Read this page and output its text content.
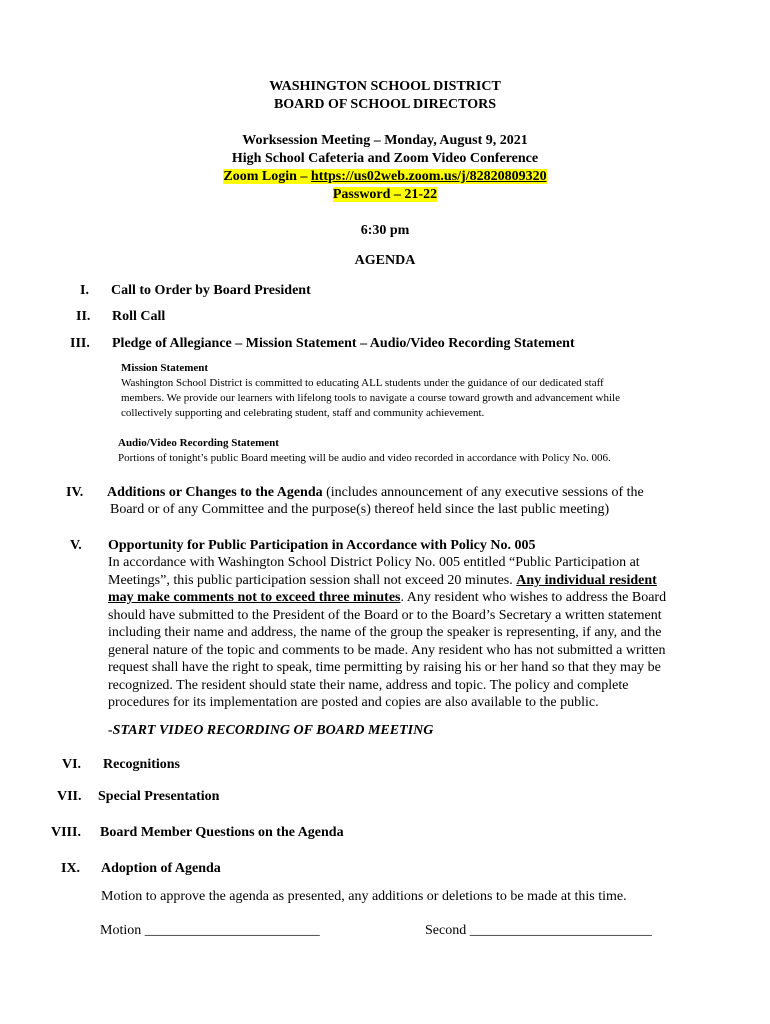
WASHINGTON SCHOOL DISTRICT
BOARD OF SCHOOL DIRECTORS
Worksession Meeting – Monday, August 9, 2021
High School Cafeteria and Zoom Video Conference
Zoom Login – https://us02web.zoom.us/j/82820809320
Password – 21-22
6:30 pm
AGENDA
I. Call to Order by Board President
II. Roll Call
III. Pledge of Allegiance – Mission Statement – Audio/Video Recording Statement
Mission Statement
Washington School District is committed to educating ALL students under the guidance of our dedicated staff
members. We provide our learners with lifelong tools to navigate a course toward growth and advancement while
collectively supporting and celebrating student, staff and community achievement.
Audio/Video Recording Statement
Portions of tonight’s public Board meeting will be audio and video recorded in accordance with Policy No. 006.
IV. Additions or Changes to the Agenda (includes announcement of any executive sessions of the
Board or of any Committee and the purpose(s) thereof held since the last public meeting)
V. Opportunity for Public Participation in Accordance with Policy No. 005
In accordance with Washington School District Policy No. 005 entitled “Public Participation at
Meetings”, this public participation session shall not exceed 20 minutes. Any individual resident
may make comments not to exceed three minutes. Any resident who wishes to address the Board
should have submitted to the President of the Board or to the Board’s Secretary a written statement
including their name and address, the name of the group the speaker is representing, if any, and the
general nature of the topic and comments to be made. Any resident who has not submitted a written
request shall have the right to speak, time permitting by raising his or her hand so that they may be
recognized. The resident should state their name, address and topic. The policy and complete
procedures for its implementation are posted and copies are also available to the public.
-START VIDEO RECORDING OF BOARD MEETING
VI. Recognitions
VII. Special Presentation
VIII. Board Member Questions on the Agenda
IX. Adoption of Agenda
Motion to approve the agenda as presented, any additions or deletions to be made at this time.
Motion _________________________	Second __________________________
